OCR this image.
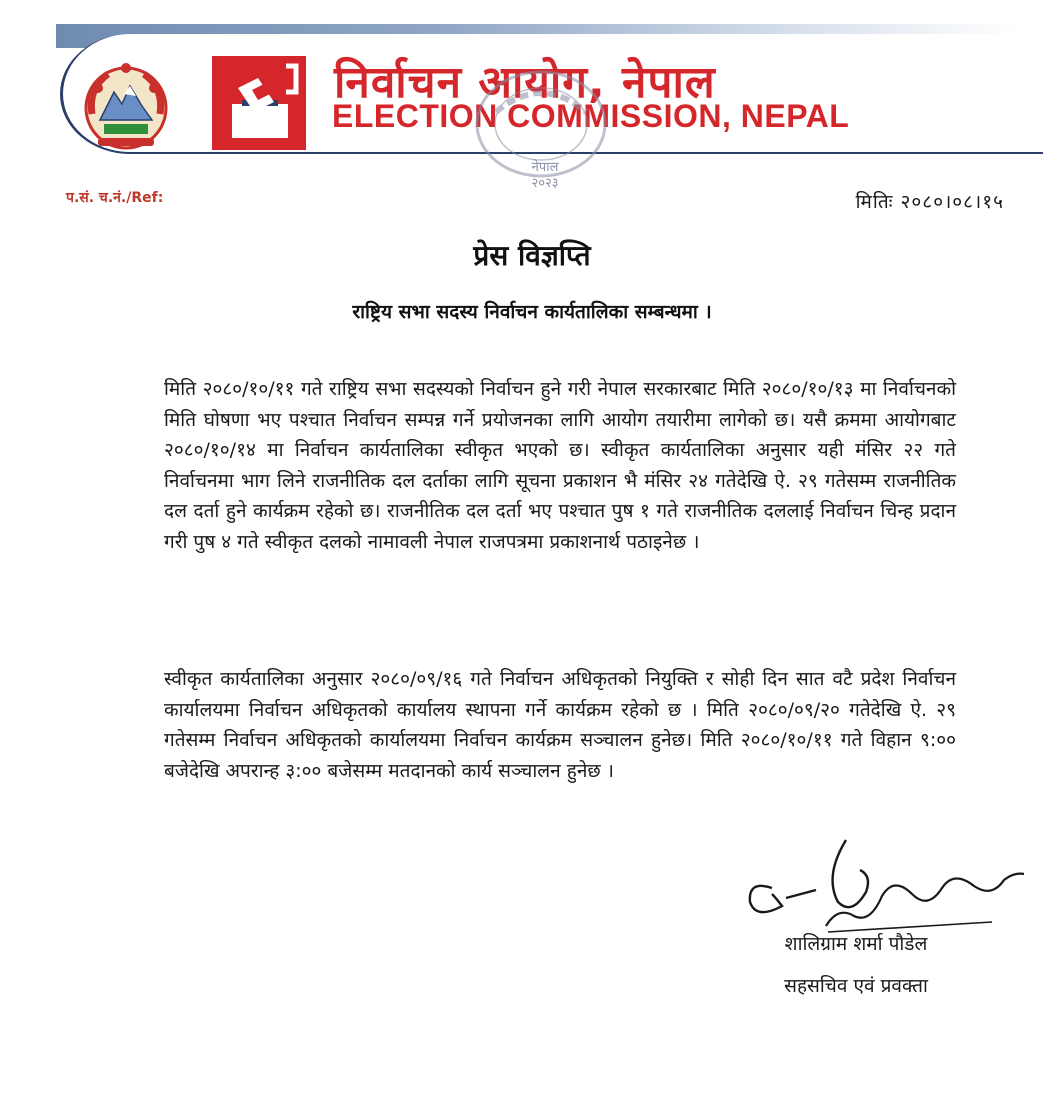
निर्वाचन आयोग, नेपाल
ELECTION COMMISSION, NEPAL
नेपाल
२०२३
प.सं. च.नं./Ref:	मितिः २०८०।०८।१५
प्रेस विज्ञप्ति
राष्ट्रिय सभा सदस्य निर्वाचन कार्यतालिका सम्बन्धमा ।
मिति २०८०/१०/११ गते राष्ट्रिय सभा सदस्यको निर्वाचन हुने गरी नेपाल सरकारबाट मिति २०८०/१०/१३ मा निर्वाचनको मिति घोषणा भए पश्चात निर्वाचन सम्पन्न गर्ने प्रयोजनका लागि आयोग तयारीमा लागेको छ। यसै क्रममा आयोगबाट २०८०/१०/१४ मा निर्वाचन कार्यतालिका स्वीकृत भएको छ। स्वीकृत कार्यतालिका अनुसार यही मंसिर २२ गते निर्वाचनमा भाग लिने राजनीतिक दल दर्ताका लागि सूचना प्रकाशन भै मंसिर २४ गतेदेखि ऐ. २९ गतेसम्म राजनीतिक दल दर्ता हुने कार्यक्रम रहेको छ। राजनीतिक दल दर्ता भए पश्चात पुष १ गते राजनीतिक दललाई निर्वाचन चिन्ह प्रदान गरी पुष ४ गते स्वीकृत दलको नामावली नेपाल राजपत्रमा प्रकाशनार्थ पठाइनेछ ।
स्वीकृत कार्यतालिका अनुसार २०८०/०९/१६ गते निर्वाचन अधिकृतको नियुक्ति र सोही दिन सात वटै प्रदेश निर्वाचन कार्यालयमा निर्वाचन अधिकृतको कार्यालय स्थापना गर्ने कार्यक्रम रहेको छ । मिति २०८०/०९/२० गतेदेखि ऐ. २९ गतेसम्म निर्वाचन अधिकृतको कार्यालयमा निर्वाचन कार्यक्रम सञ्चालन हुनेछ। मिति २०८०/१०/११ गते विहान ९:०० बजेदेखि अपरान्ह ३:०० बजेसम्म मतदानको कार्य सञ्चालन हुनेछ ।
शालिग्राम शर्मा पौडेल
सहसचिव एवं प्रवक्ता
